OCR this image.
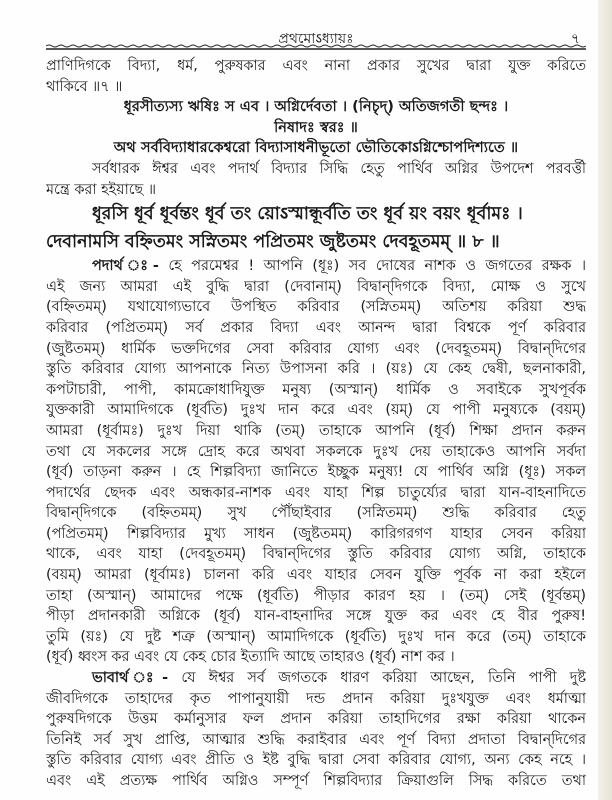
প্রথমোऽধ্যায়ঃ	৭
প্রাণিদিগকে বিদ্যা, ধর্ম, পুরুষকার এবং নানা প্রকার সুখের দ্বারা যুক্ত করিতে
থাকিবে ॥৭ ॥
ধূরসীত্যস্য ঋষিঃ স এব । অগ্নির্দেবতা । (নিচৃদ্) অতিজগতী ছন্দঃ ।
নিষাদঃ স্বরঃ ॥
অথ সর্ববিদ্যাধারকেশ্বরো বিদ্যাসাধনীভূতো ভৌতিকোऽগ্নিশ্চোপদিশ্যতে ॥
সর্বধারক ঈশ্বর এবং পদার্থ বিদ্যার সিদ্ধি হেতু পার্থিব অগ্নির উপদেশ পরবর্ত্তী
মন্ত্রে করা হইয়াছে ॥
ধূরসি ধূর্ব ধূর্বন্তং ধূর্ব তং য়োऽস্মান্ধূর্বতি তং ধূর্ব য়ং বয়ং ধূর্বামঃ ।
দেবানামসি বহ্নিতমং সস্নিতমং পপ্রিতমং জুষ্টতমং দেবহূতমম্ ॥ ৮ ॥
পদার্থ ঃ- হে পরমেশ্বর ! আপনি (ধূঃ) সব দোষের নাশক ও জগতের রক্ষক ।
এই জন্য আমরা এই বুদ্ধি দ্বারা (দেবানাম্) বিদ্বান্‌দিগকে বিদ্যা, মোক্ষ ও সুখে
(বহ্নিতমম্) যথাযোগ্যভাবে উপস্থিত করিবার (সস্নিতমম্) অতিশয় করিয়া শুদ্ধ
করিবার (পপ্রিতমম্) সর্ব প্রকার বিদ্যা এবং আনন্দ দ্বারা বিশ্বকে পূর্ণ করিবার
(জুষ্টতমম্) ধার্মিক ভক্তদিগের সেবা করিবার যোগ্য এবং (দেবহূতমম্) বিদ্বান্‌দিগের
স্তুতি করিবার যোগ্য আপনাকে নিত্য উপাসনা করি । (য়ঃ) যে কেহ দ্বেষী, ছলনাকারী,
কপটাচারী, পাপী, কামক্রোধাদিযুক্ত মনুষ্য (অস্মান্) ধার্মিক ও সবাইকে সুখপূর্বক
যুক্তকারী আমাদিগকে (ধূর্বতি) দুঃখ দান করে এবং (য়ম্) যে পাপী মনুষ্যকে (বয়ম্)
আমরা (ধূর্বামঃ) দুঃখ দিয়া থাকি (তম্) তাহাকে আপনি (ধূর্ব) শিক্ষা প্রদান করুন
তথা যে সকলের সঙ্গে দ্রোহ করে অথবা সকলকে দুঃখ দেয় তাহাকেও আপনি সর্বদা
(ধূর্ব) তাড়না করুন । হে শিল্পবিদ্যা জানিতে ইচ্ছুক মনুষ্য! যে পার্থিব অগ্নি (ধূঃ) সকল
পদার্থের ছেদক এবং অন্ধকার-নাশক এবং যাহা শিল্প চাতুর্য্যের দ্বারা যান-বাহনাদিতে
বিদ্বান্‌দিগকে (বহ্নিতমম্) সুখ পৌঁছাইবার (সস্নিতমম্) শুদ্ধি করিবার হেতু
(পপ্রিতমম্) শিল্পবিদ্যার মুখ্য সাধন (জুষ্টতমম্) কারিগরগণ যাহার সেবন করিয়া
থাকে, এবং যাহা (দেবহূতমম্) বিদ্বান্‌দিগের স্তুতি করিবার যোগ্য অগ্নি, তাহাকে
(বয়ম্) আমরা (ধূর্বামঃ) চালনা করি এবং যাহার সেবন যুক্তি পূর্বক না করা হইলে
তাহা (অস্মান্) আমাদের পক্ষে (ধূর্বতি) পীড়ার কারণ হয় । (তম্) সেই (ধূর্বন্তম্)
পীড়া প্রদানকারী অগ্নিকে (ধূর্ব) যান-বাহনাদির সঙ্গে যুক্ত কর এবং হে বীর পুরুষ!
তুমি (য়ঃ) যে দুষ্ট শত্রু (অস্মান্) আমাদিগকে (ধূর্বতি) দুঃখ দান করে (তম্) তাহাকে
(ধূর্ব) ধ্বংস কর এবং যে কেহ চোর ইত্যাদি আছে তাহারও (ধূর্ব) নাশ কর ।
ভাবার্থ ঃ- যে ঈশ্বর সর্ব জগতকে ধারণ করিয়া আছেন, তিনি পাপী দুষ্ট
জীবদিগকে তাহাদের কৃত পাপানুযায়ী দন্ড প্রদান করিয়া দুঃখযুক্ত এবং ধর্মাত্মা
পুরুষদিগকে উত্তম কর্মানুসার ফল প্রদান করিয়া তাহাদিগের রক্ষা করিয়া থাকেন
তিনিই সর্ব সুখ প্রাপ্তি, আত্মার শুদ্ধি করাইবার এবং পূর্ণ বিদ্যা প্রদাতা বিদ্বান্‌দিগের
স্তুতি করিবার যোগ্য এবং প্রীতি ও ইষ্ট বুদ্ধি দ্বারা সেবা করিবার যোগ্য, অন্য কেহ নহে ।
এবং এই প্রত্যক্ষ পার্থিব অগ্নিও সম্পূর্ণ শিল্পবিদ্যার ক্রিয়াগুলি সিদ্ধ করিতে তথা
